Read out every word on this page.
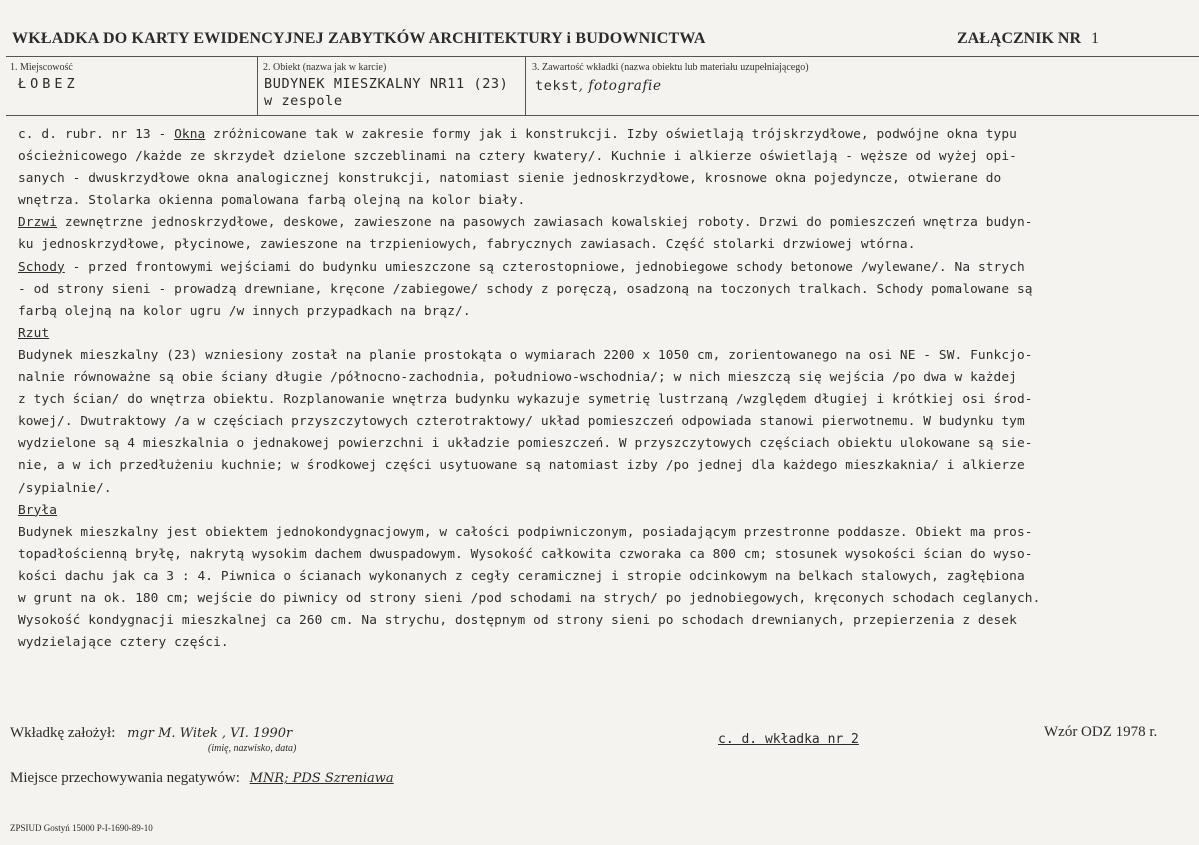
WKŁADKA DO KARTY EWIDENCYJNEJ ZABYTKÓW ARCHITEKTURY i BUDOWNICTWA	ZAŁĄCZNIK NR 1
1. Miejscowość
ŁOBEZ
2. Obiekt (nazwa jak w karcie)
BUDYNEK MIESZKALNY NR11 (23)
w zespole
3. Zawartość wkładki (nazwa obiektu lub materiału uzupełniającego)
tekst, fotografie
c. d. rubr. nr 13 - Okna zróżnicowane tak w zakresie formy jak i konstrukcji. Izby oświetlają trójskrzydłowe, podwójne okna typu
ościeżnicowego /każde ze skrzydeł dzielone szczeblinami na cztery kwatery/. Kuchnie i alkierze oświetlają - węższe od wyżej opi-
sanych - dwuskrzydłowe okna analogicznej konstrukcji, natomiast sienie jednoskrzydłowe, krosnowe okna pojedyncze, otwierane do
wnętrza. Stolarka okienna pomalowana farbą olejną na kolor biały.
Drzwi zewnętrzne jednoskrzydłowe, deskowe, zawieszone na pasowych zawiasach kowalskiej roboty. Drzwi do pomieszczeń wnętrza budyn-
ku jednoskrzydłowe, płycinowe, zawieszone na trzpieniowych, fabrycznych zawiasach. Część stolarki drzwiowej wtórna.
Schody - przed frontowymi wejściami do budynku umieszczone są czterostopniowe, jednobiegowe schody betonowe /wylewane/. Na strych
- od strony sieni - prowadzą drewniane, kręcone /zabiegowe/ schody z poręczą, osadzoną na toczonych tralkach. Schody pomalowane są
farbą olejną na kolor ugru /w innych przypadkach na brąz/.
Rzut
Budynek mieszkalny (23) wzniesiony został na planie prostokąta o wymiarach 2200 x 1050 cm, zorientowanego na osi NE - SW. Funkcjo-
nalnie równoważne są obie ściany długie /północno-zachodnia, południowo-wschodnia/; w nich mieszczą się wejścia /po dwa w każdej
z tych ścian/ do wnętrza obiektu. Rozplanowanie wnętrza budynku wykazuje symetrię lustrzaną /względem długiej i krótkiej osi środ-
kowej/. Dwutraktowy /a w częściach przyszczytowych czterotraktowy/ układ pomieszczeń odpowiada stanowi pierwotnemu. W budynku tym
wydzielone są 4 mieszkalnia o jednakowej powierzchni i układzie pomieszczeń. W przyszczytowych częściach obiektu ulokowane są sie-
nie, a w ich przedłużeniu kuchnie; w środkowej części usytuowane są natomiast izby /po jednej dla każdego mieszkaknia/ i alkierze
/sypialnie/.
Bryła
Budynek mieszkalny jest obiektem jednokondygnacjowym, w całości podpiwniczonym, posiadającym przestronne poddasze. Obiekt ma pros-
topadłościenną bryłę, nakrytą wysokim dachem dwuspadowym. Wysokość całkowita czworaka ca 800 cm; stosunek wysokości ścian do wyso-
kości dachu jak ca 3 : 4. Piwnica o ścianach wykonanych z cegły ceramicznej i stropie odcinkowym na belkach stalowych, zagłębiona
w grunt na ok. 180 cm; wejście do piwnicy od strony sieni /pod schodami na strych/ po jednobiegowych, kręconych schodach ceglanych.
Wysokość kondygnacji mieszkalnej ca 260 cm. Na strychu, dostępnym od strony sieni po schodach drewnianych, przepierzenia z desek
wydzielające cztery części.
Wkładkę założył: mgr M. Witek , VI. 1990r
(imię, nazwisko, data)
c. d. wkładka nr 2	Wzór ODZ 1978 r.
Miejsce przechowywania negatywów: MNR; PDS Szreniawa
ZPSIUD Gostyń 15000 P-I-1690-89-10
